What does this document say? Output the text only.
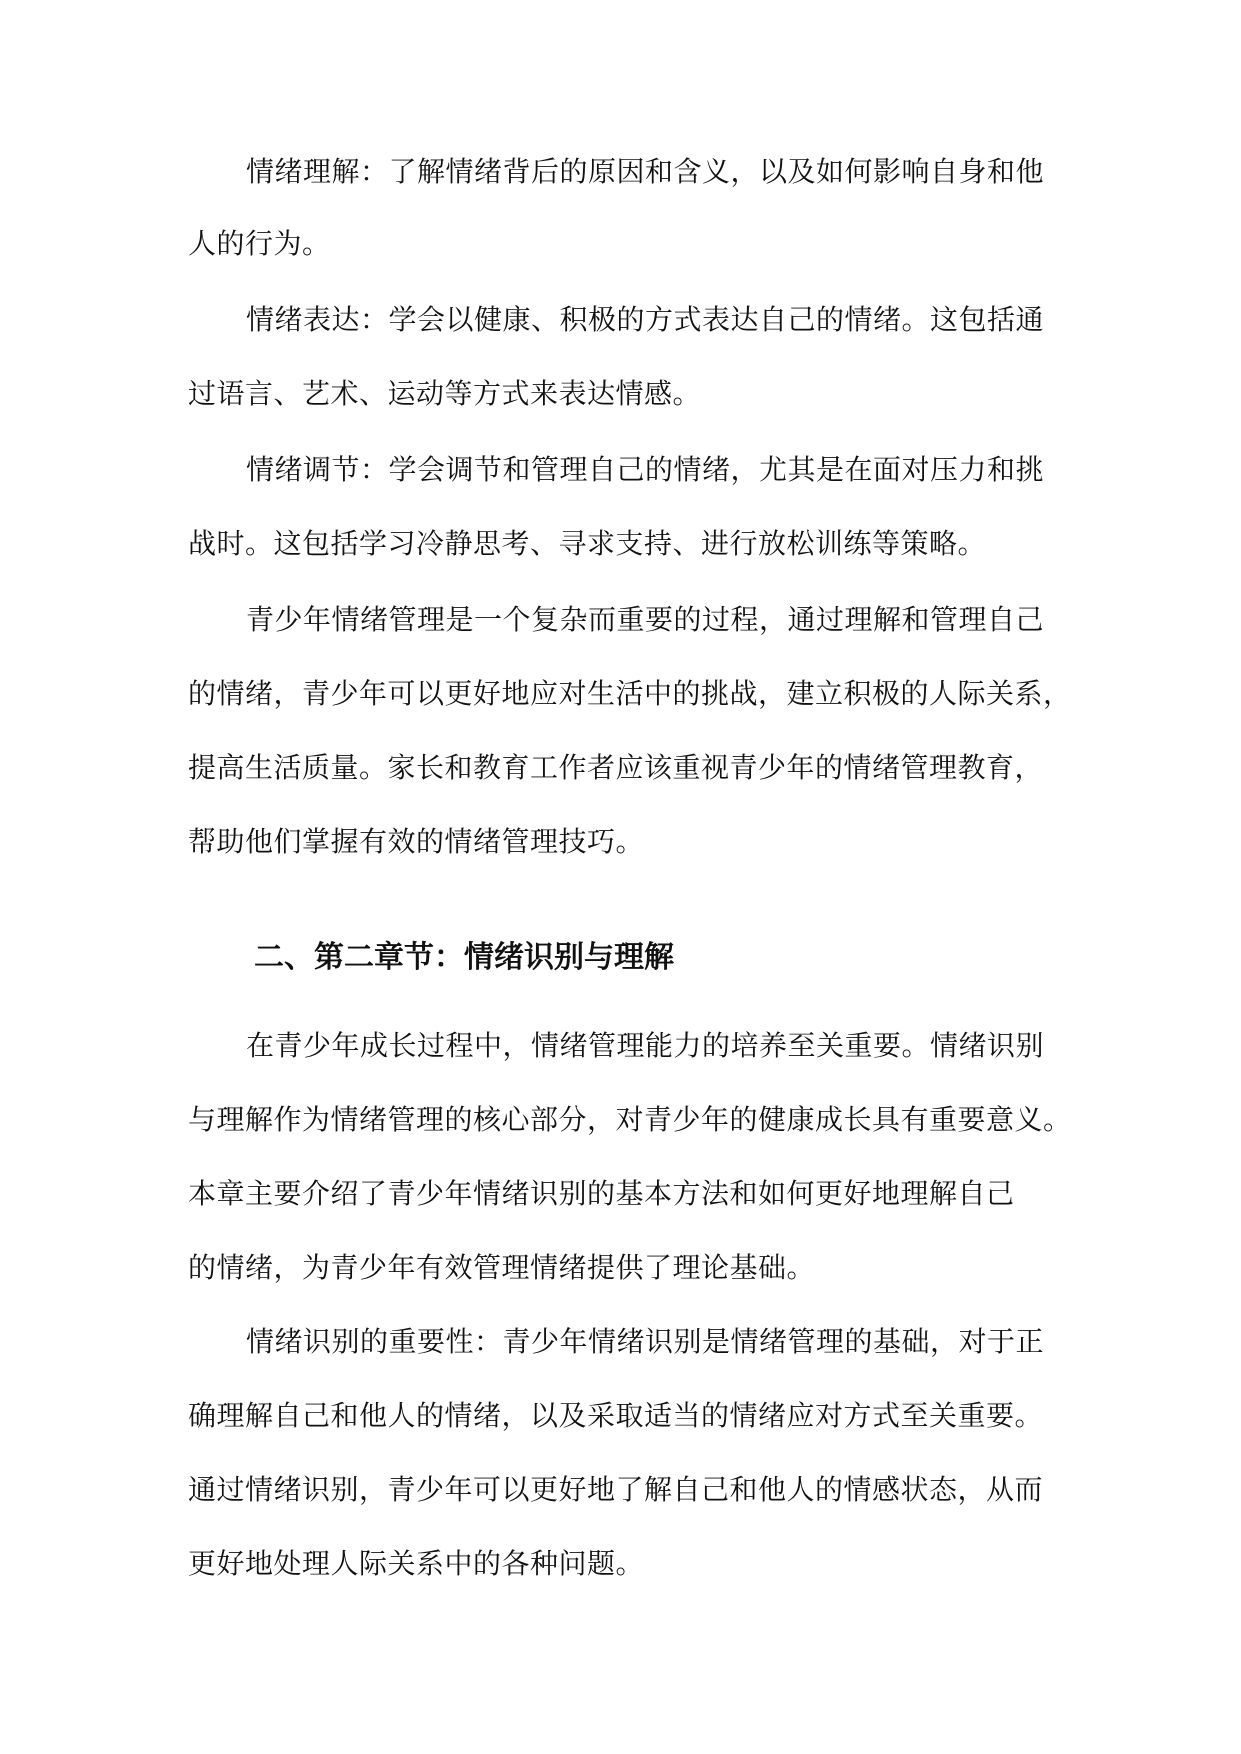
情绪理解：了解情绪背后的原因和含义，以及如何影响自身和他
人的行为。
情绪表达：学会以健康、积极的方式表达自己的情绪。这包括通
过语言、艺术、运动等方式来表达情感。
情绪调节：学会调节和管理自己的情绪，尤其是在面对压力和挑
战时。这包括学习冷静思考、寻求支持、进行放松训练等策略。
青少年情绪管理是一个复杂而重要的过程，通过理解和管理自己
的情绪，青少年可以更好地应对生活中的挑战，建立积极的人际关系，
提高生活质量。家长和教育工作者应该重视青少年的情绪管理教育，
帮助他们掌握有效的情绪管理技巧。
二、第二章节：情绪识别与理解
在青少年成长过程中，情绪管理能力的培养至关重要。情绪识别
与理解作为情绪管理的核心部分，对青少年的健康成长具有重要意义。
本章主要介绍了青少年情绪识别的基本方法和如何更好地理解自己
的情绪，为青少年有效管理情绪提供了理论基础。
情绪识别的重要性：青少年情绪识别是情绪管理的基础，对于正
确理解自己和他人的情绪，以及采取适当的情绪应对方式至关重要。
通过情绪识别，青少年可以更好地了解自己和他人的情感状态，从而
更好地处理人际关系中的各种问题。
